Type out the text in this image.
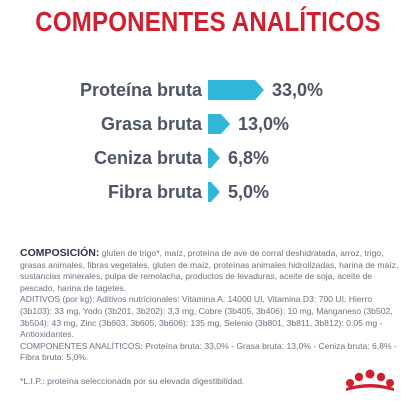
COMPONENTES ANALÍTICOS
Proteína bruta	33,0%
Grasa bruta 13,0%
Ceniza bruta 6,8%
Fibra bruta 5,0%

COMPOSICIÓN: gluten de trigo*, maíz, proteína de ave de corral deshidratada, arroz, trigo, grasas animales, fibras vegetales, gluten de maíz, proteínas animales hidrolizadas, harina de maíz, sustancias minerales, pulpa de remolacha, productos de levaduras, aceite de soja, aceite de pescado, harina de tagetes.

ADITIVOS (por kg): Aditivos nutricionales: Vitamina A: 14000 UI, Vitamina D3: 700 UI, Hierro (3b103): 33 mg, Yodo (3b201, 3b202): 3,3 mg, Cobre (3b405, 3b406): 10 mg, Manganeso (3b502, 3b504): 43 mg, Zinc (3b603, 3b605, 3b606): 135 mg, Selenio (3b801, 3b811, 3b812): 0,05 mg - Antioxidantes.

COMPONENTES ANALÍTICOS: Proteína bruta: 33,0% - Grasa bruta: 13,0% - Ceniza bruta: 6,8% - Fibra bruta: 5,0%.

*L.I.P.: proteína seleccionada por su elevada digestibilidad.
